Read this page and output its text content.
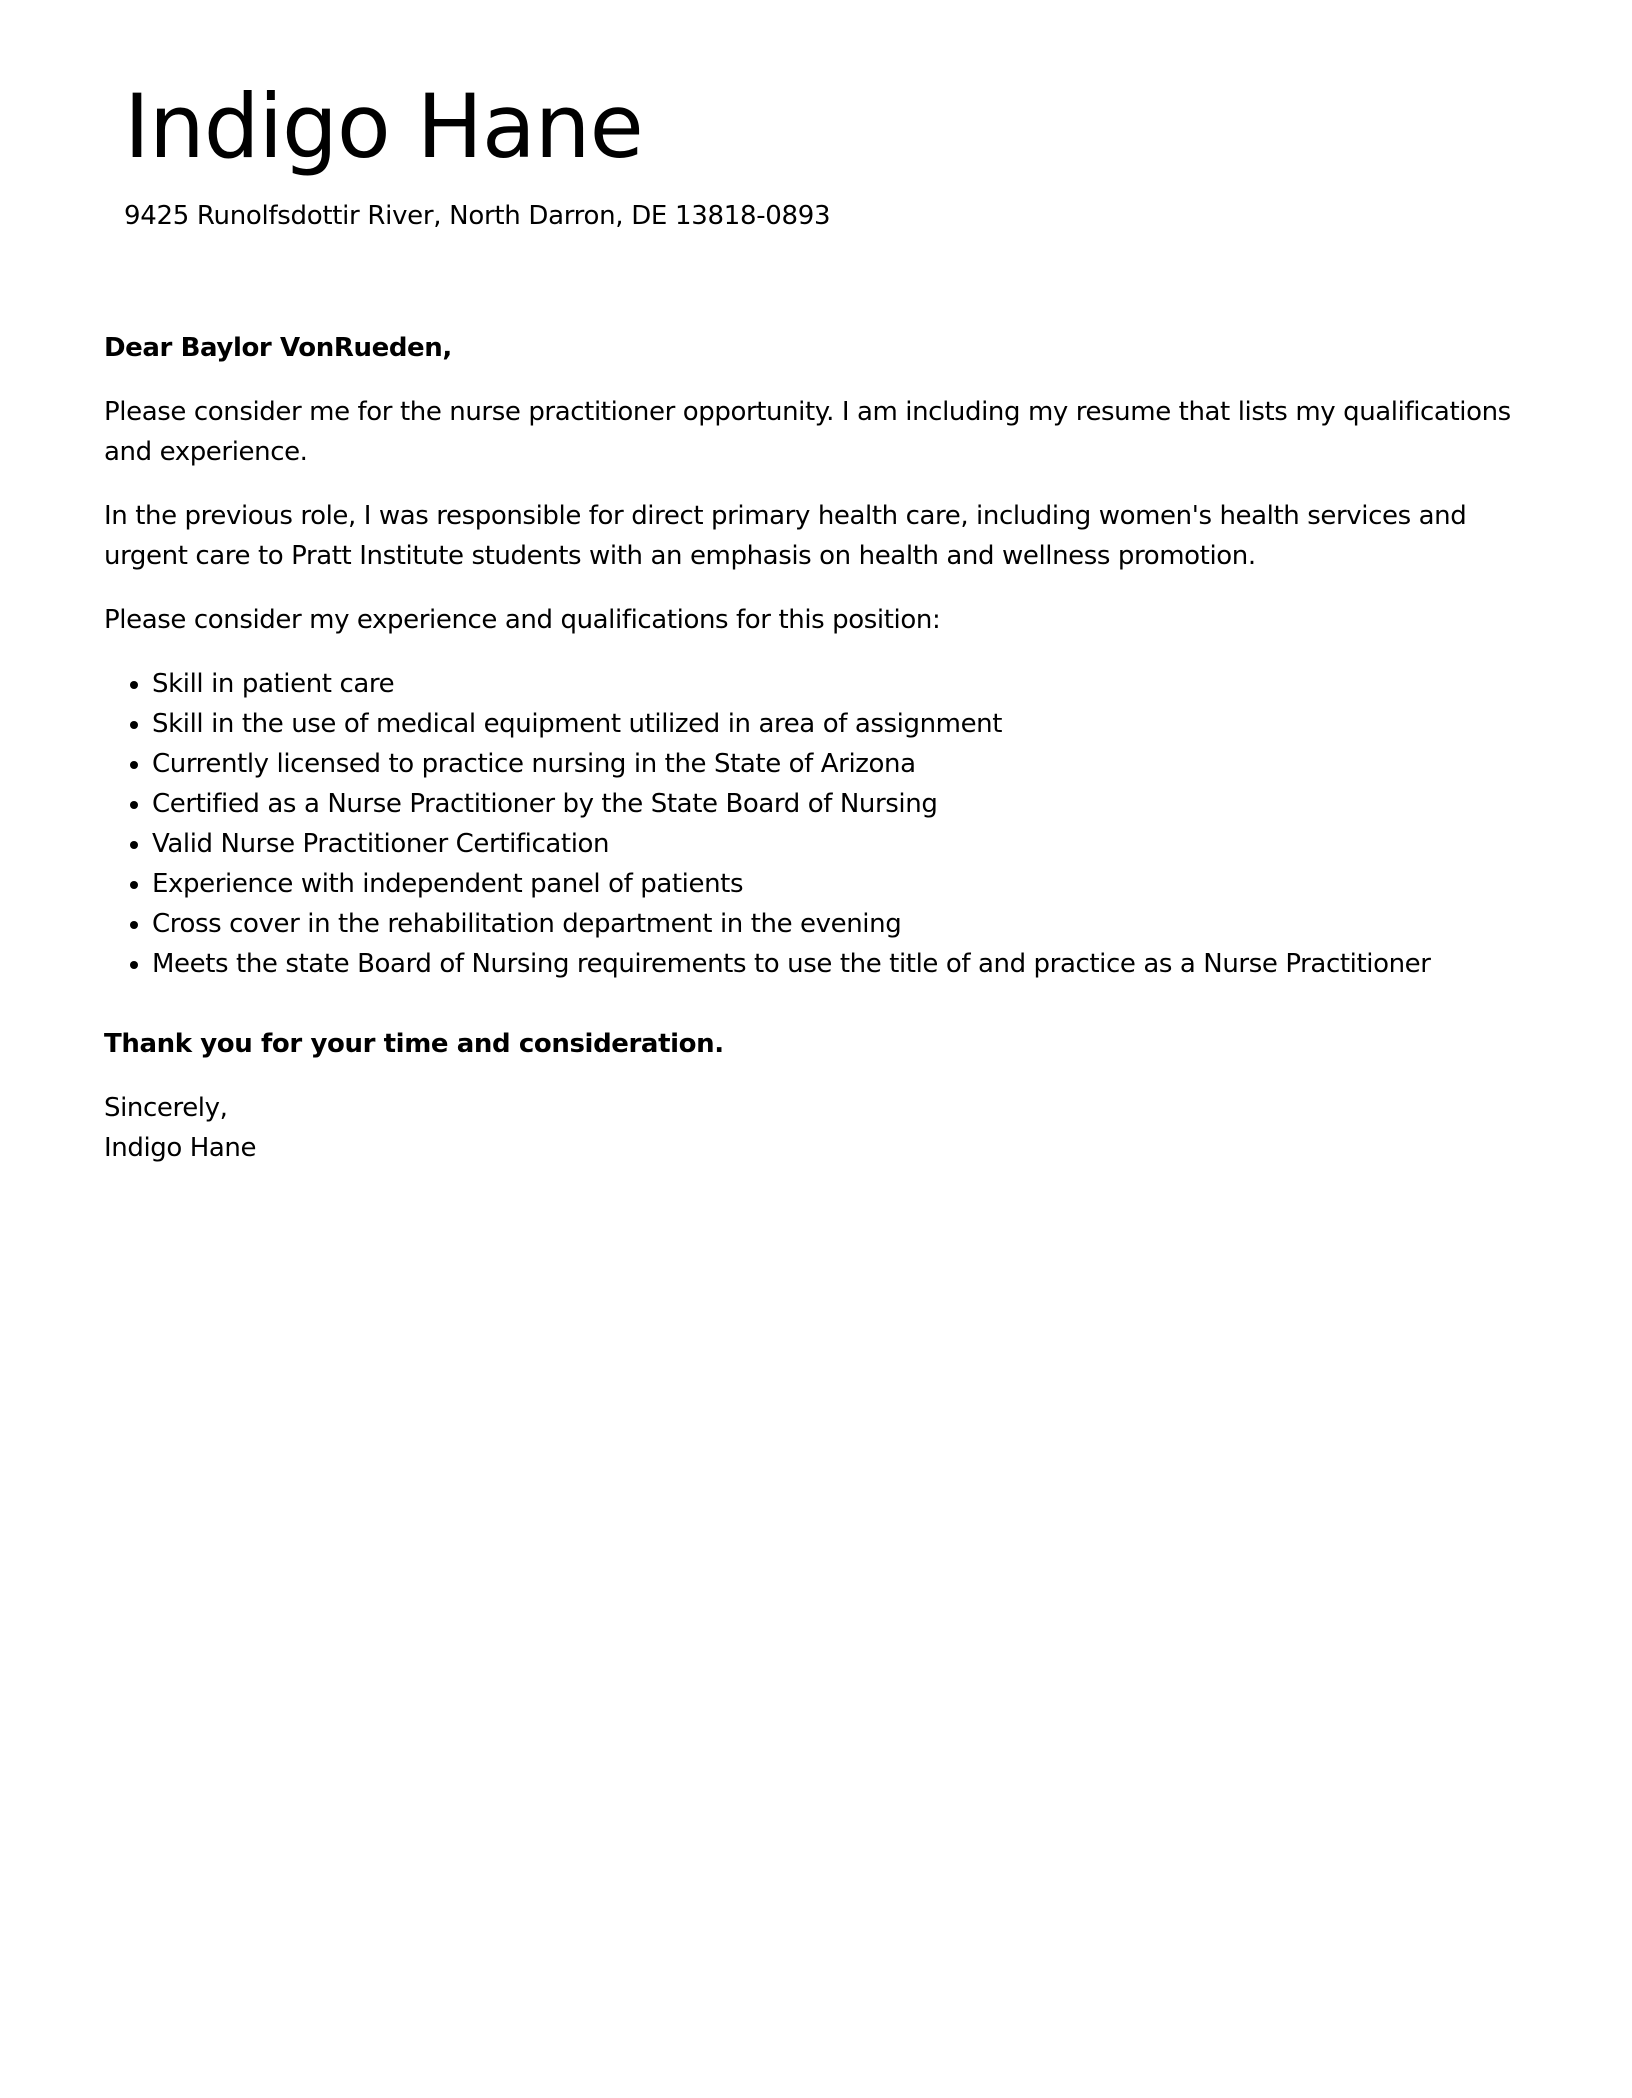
Indigo Hane
9425 Runolfsdottir River, North Darron, DE 13818-0893

Dear Baylor VonRueden,

Please consider me for the nurse practitioner opportunity. I am including my resume that lists my qualifications and experience.

In the previous role, I was responsible for direct primary health care, including women's health services and urgent care to Pratt Institute students with an emphasis on health and wellness promotion.

Please consider my experience and qualifications for this position:

• Skill in patient care
• Skill in the use of medical equipment utilized in area of assignment
• Currently licensed to practice nursing in the State of Arizona
• Certified as a Nurse Practitioner by the State Board of Nursing
• Valid Nurse Practitioner Certification
• Experience with independent panel of patients
• Cross cover in the rehabilitation department in the evening
• Meets the state Board of Nursing requirements to use the title of and practice as a Nurse Practitioner

Thank you for your time and consideration.

Sincerely,

Indigo Hane
